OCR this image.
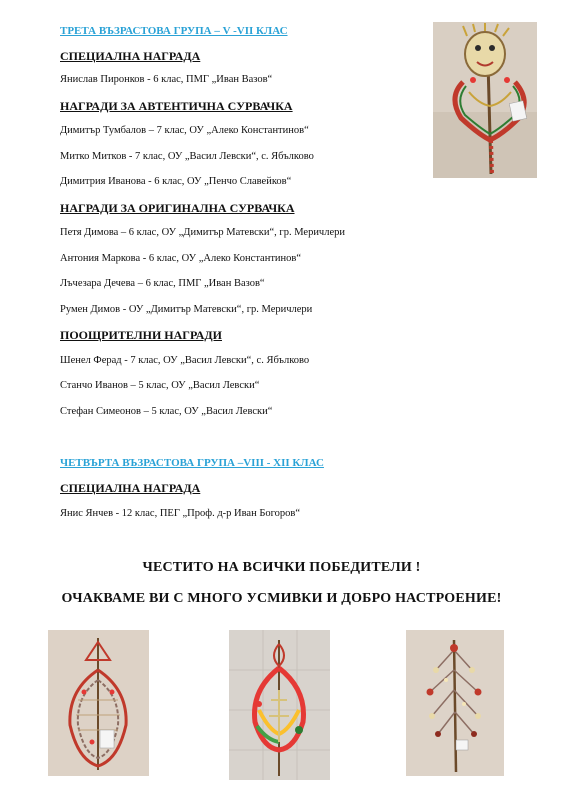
ТРЕТА ВЪЗРАСТОВА ГРУПА – V -VII КЛАС
СПЕЦИАЛНА НАГРАДА
Янислав Пиронков - 6 клас, ПМГ „Иван Вазов“
НАГРАДИ ЗА АВТЕНТИЧНА СУРВАЧКА
Димитър Тумбалов – 7 клас, ОУ „Алеко Константинов“
Митко Митков - 7 клас, ОУ „Васил Левски“, с. Ябълково
Димитрия Иванова - 6 клас, ОУ „Пенчо Славейков“
НАГРАДИ ЗА ОРИГИНАЛНА СУРВАЧКА
Петя Димова – 6 клас, ОУ „Димитър Матевски“, гр. Меричлери
Антония Маркова - 6 клас, ОУ „Алеко Константинов“
Лъчезара Дечева – 6 клас, ПМГ „Иван Вазов“
Румен Димов - ОУ „Димитър Матевски“, гр. Меричлери
ПООЩРИТЕЛНИ НАГРАДИ
Шенел Ферад - 7 клас, ОУ „Васил Левски“, с. Ябълково
Станчо Иванов – 5 клас, ОУ „Васил Левски“
Стефан Симеонов – 5 клас, ОУ „Васил Левски“
ЧЕТВЪРТА ВЪЗРАСТОВА ГРУПА –VIII - XII КЛАС
СПЕЦИАЛНА НАГРАДА
Янис Янчев - 12 клас, ПЕГ „Проф. д-р Иван Богоров“
ЧЕСТИТО НА ВСИЧКИ ПОБЕДИТЕЛИ !
ОЧАКВАМЕ ВИ С МНОГО УСМИВКИ И ДОБРО НАСТРОЕНИЕ!
